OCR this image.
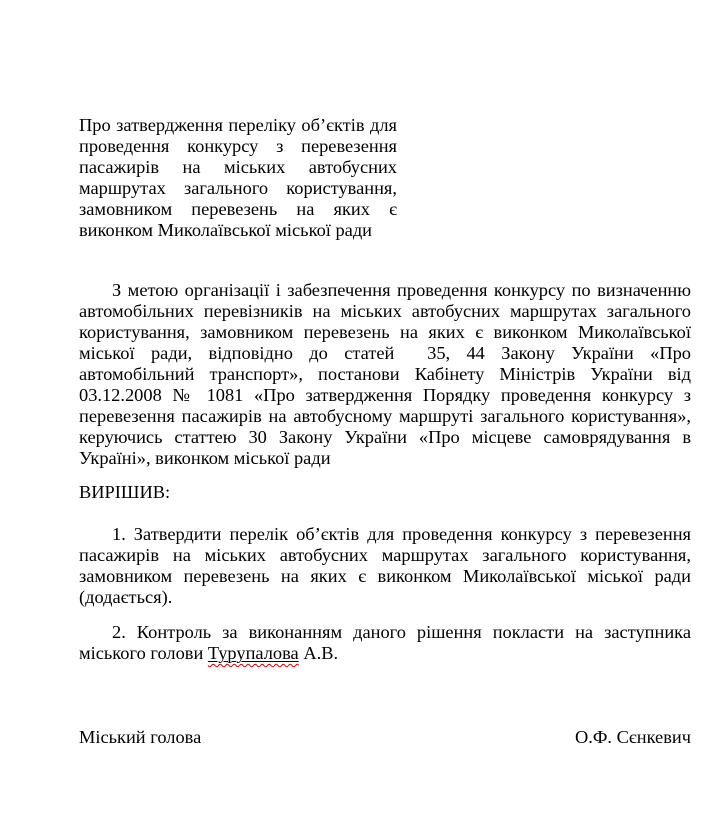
Про затвердження переліку об’єктів для проведення конкурсу з перевезення пасажирів на міських автобусних маршрутах загального користування, замовником перевезень на яких є виконком Миколаївської міської ради
З метою організації і забезпечення проведення конкурсу по визначенню автомобільних перевізників на міських автобусних маршрутах загального користування, замовником перевезень на яких є виконком Миколаївської міської ради, відповідно до статей  35, 44 Закону України «Про автомобільний транспорт», постанови Кабінету Міністрів України від 03.12.2008 № 1081 «Про затвердження Порядку проведення конкурсу з перевезення пасажирів на автобусному маршруті загального користування», керуючись статтею 30 Закону України «Про місцеве самоврядування в Україні», виконком міської ради
ВИРІШИВ:
1. Затвердити перелік об’єктів для проведення конкурсу з перевезення пасажирів на міських автобусних маршрутах загального користування, замовником перевезень на яких є виконком Миколаївської міської ради (додається).
2. Контроль за виконанням даного рішення покласти на заступника міського голови Турупалова А.В.
Міський голова	О.Ф. Сєнкевич
